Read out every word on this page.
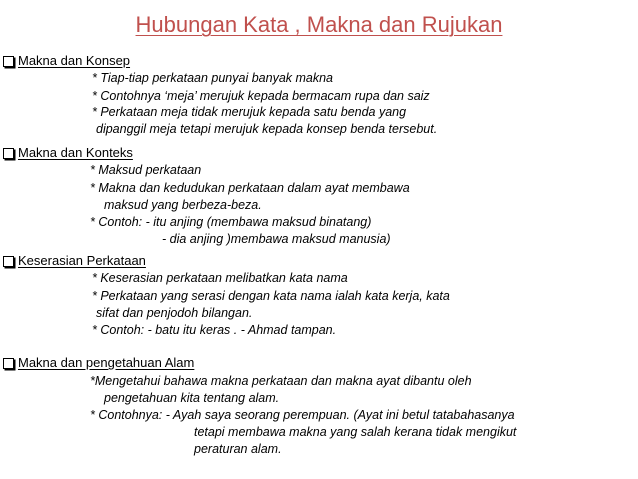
Hubungan Kata , Makna dan Rujukan
Makna dan Konsep
* Tiap-tiap perkataan punyai banyak makna
* Contohnya ‘meja’ merujuk kepada bermacam rupa dan saiz
* Perkataan meja tidak merujuk kepada satu benda yang
dipanggil meja tetapi merujuk kepada konsep benda tersebut.
Makna dan Konteks
* Maksud perkataan
* Makna dan kedudukan perkataan dalam ayat membawa
maksud yang berbeza-beza.
* Contoh: - itu anjing (membawa maksud binatang)
- dia anjing )membawa maksud manusia)
Keserasian Perkataan
* Keserasian perkataan melibatkan kata nama
* Perkataan yang serasi dengan kata nama ialah kata kerja, kata
sifat dan penjodoh bilangan.
* Contoh: - batu itu keras . - Ahmad tampan.
Makna dan pengetahuan Alam
*Mengetahui bahawa makna perkataan dan makna ayat dibantu oleh
pengetahuan kita tentang alam.
* Contohnya: - Ayah saya seorang perempuan. (Ayat ini betul tatabahasanya
tetapi membawa makna yang salah kerana tidak mengikut
peraturan alam.
